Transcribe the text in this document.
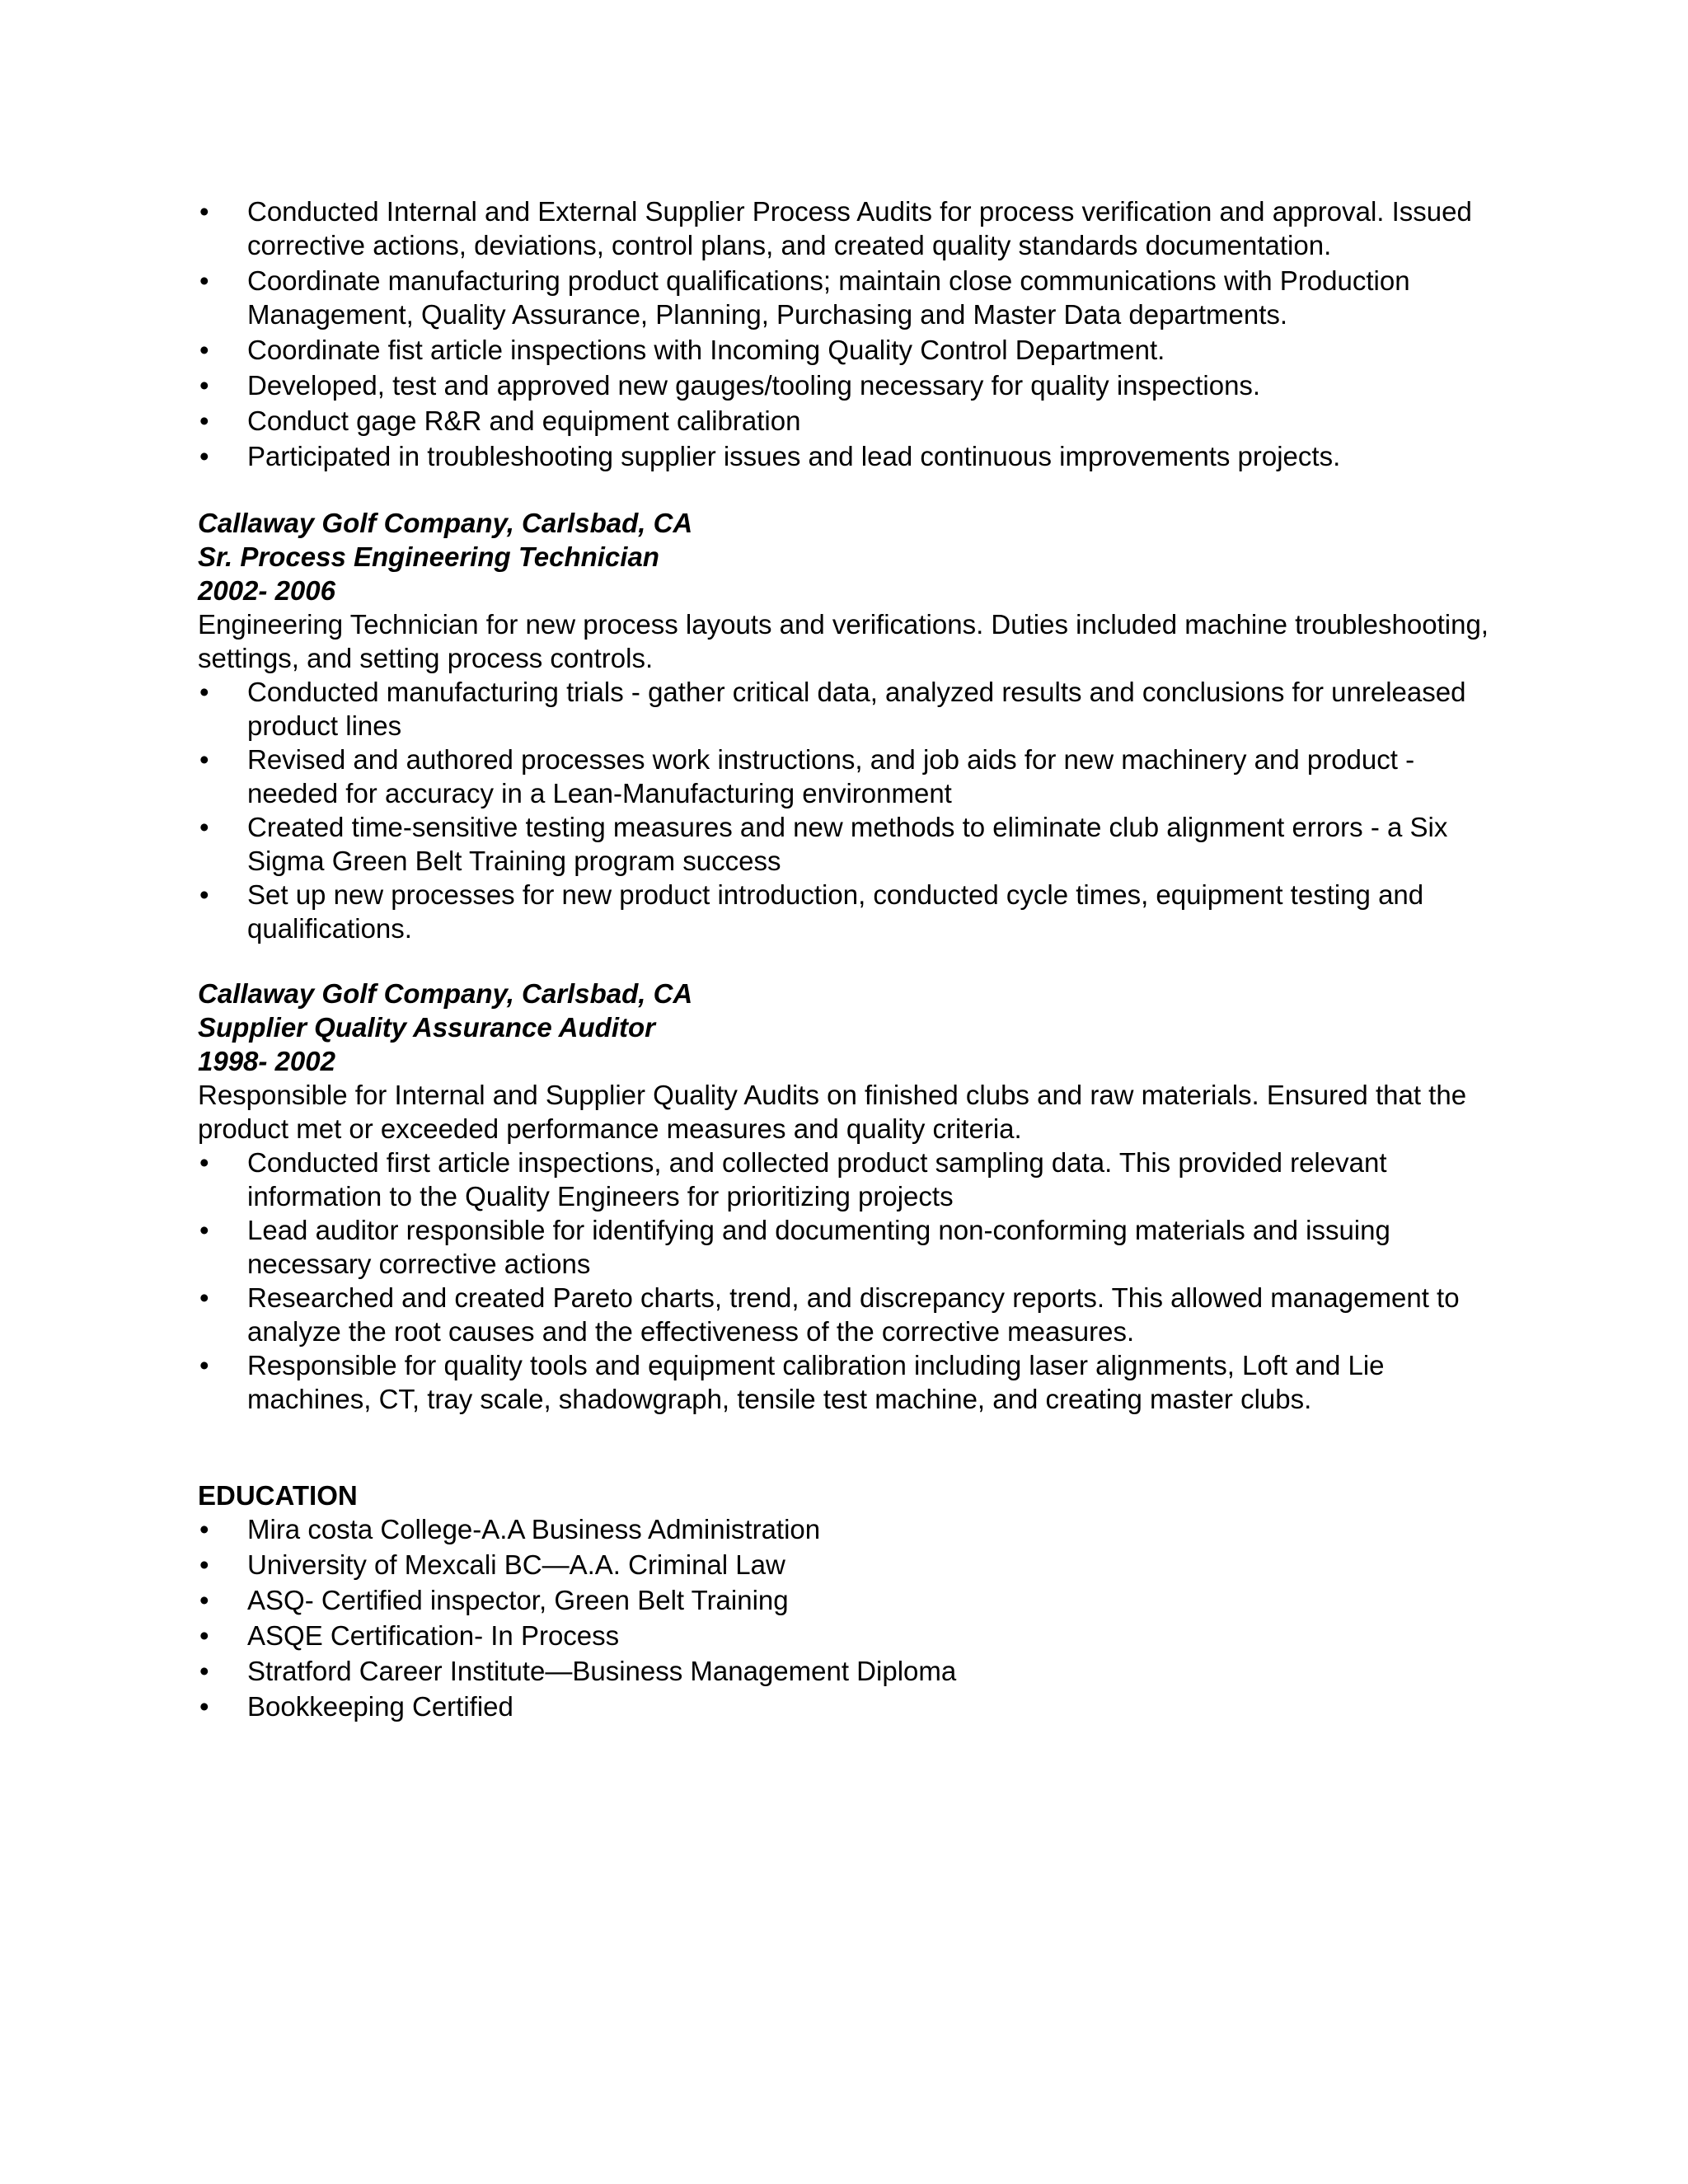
• Conducted Internal and External Supplier Process Audits for process verification and approval. Issued corrective actions, deviations, control plans, and created quality standards documentation.
• Coordinate manufacturing product qualifications; maintain close communications with Production Management, Quality Assurance, Planning, Purchasing and Master Data departments.
• Coordinate fist article inspections with Incoming Quality Control Department.
• Developed, test and approved new gauges/tooling necessary for quality inspections.
• Conduct gage R&R and equipment calibration
• Participated in troubleshooting supplier issues and lead continuous improvements projects.

Callaway Golf Company, Carlsbad, CA

Sr. Process Engineering Technician

2002- 2006

Engineering Technician for new process layouts and verifications. Duties included machine troubleshooting, settings, and setting process controls.

• Conducted manufacturing trials - gather critical data, analyzed results and conclusions for unreleased product lines
• Revised and authored processes work instructions, and job aids for new machinery and product - needed for accuracy in a Lean-Manufacturing environment
• Created time-sensitive testing measures and new methods to eliminate club alignment errors - a Six Sigma Green Belt Training program success
• Set up new processes for new product introduction, conducted cycle times, equipment testing and qualifications.

Callaway Golf Company, Carlsbad, CA

Supplier Quality Assurance Auditor

1998- 2002

Responsible for Internal and Supplier Quality Audits on finished clubs and raw materials. Ensured that the product met or exceeded performance measures and quality criteria.

• Conducted first article inspections, and collected product sampling data. This provided relevant information to the Quality Engineers for prioritizing projects
• Lead auditor responsible for identifying and documenting non-conforming materials and issuing necessary corrective actions
• Researched and created Pareto charts, trend, and discrepancy reports. This allowed management to analyze the root causes and the effectiveness of the corrective measures.
• Responsible for quality tools and equipment calibration including laser alignments, Loft and Lie machines, CT, tray scale, shadowgraph, tensile test machine, and creating master clubs.

EDUCATION

• Mira costa College-A.A Business Administration
• University of Mexcali BC—A.A. Criminal Law
• ASQ- Certified inspector, Green Belt Training
• ASQE Certification- In Process
• Stratford Career Institute—Business Management Diploma
• Bookkeeping Certified
